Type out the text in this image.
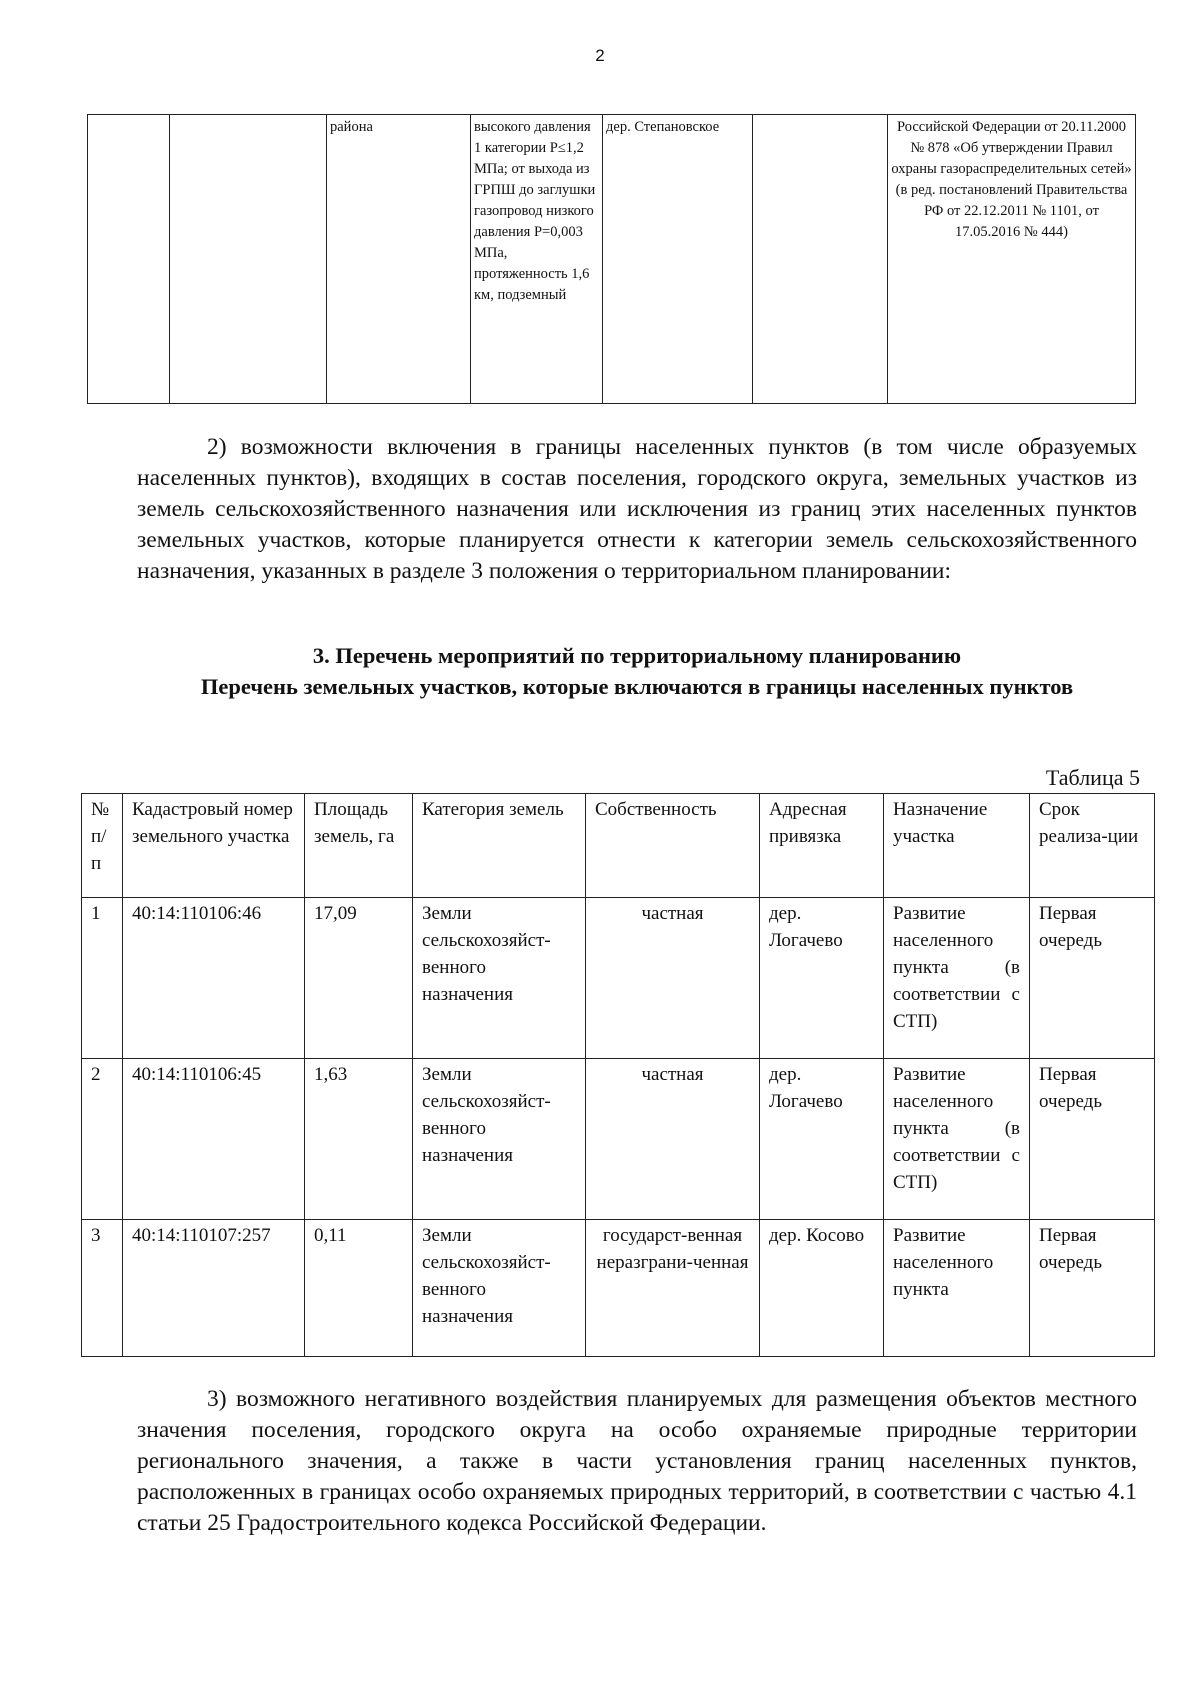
2
		района	высокого давления 1 категории Р≤1,2 МПа; от выхода из ГРПШ до заглушки газопровод низкого давления Р=0,003 МПа, протяженность 1,6 км, подземный	дер. Степановское		Российской Федерации от 20.11.2000 № 878 «Об утверждении Правил охраны газораспределительных сетей» (в ред. постановлений Правительства РФ от 22.12.2011 № 1101, от 17.05.2016 № 444)
2) возможности включения в границы населенных пунктов (в том числе образуемых населенных пунктов), входящих в состав поселения, городского округа, земельных участков из земель сельскохозяйственного назначения или исключения из границ этих населенных пунктов земельных участков, которые планируется отнести к категории земель сельскохозяйственного назначения, указанных в разделе 3 положения о территориальном планировании:
3. Перечень мероприятий по территориальному планированию
Перечень земельных участков, которые включаются в границы населенных пунктов
Таблица 5
№ п/п	Кадастровый номер земельного участка	Площадь земель, га	Категория земель	Собственность	Адресная привязка	Назначение участка	Срок реализа-ции
1	40:14:110106:46	17,09	Земли сельскохозяйст-венного назначения	частная	дер. Логачево	Развитие населенного пункта (в соответствии с СТП)	Первая очередь
2	40:14:110106:45	1,63	Земли сельскохозяйст-венного назначения	частная	дер. Логачево	Развитие населенного пункта (в соответствии с СТП)	Первая очередь
3	40:14:110107:257	0,11	Земли сельскохозяйст-венного назначения	государст-венная неразграни-ченная	дер. Косово	Развитие населенного пункта	Первая очередь
3) возможного негативного воздействия планируемых для размещения объектов местного значения поселения, городского округа на особо охраняемые природные территории регионального значения, а также в части установления границ населенных пунктов, расположенных в границах особо охраняемых природных территорий, в соответствии с частью 4.1 статьи 25 Градостроительного кодекса Российской Федерации.
